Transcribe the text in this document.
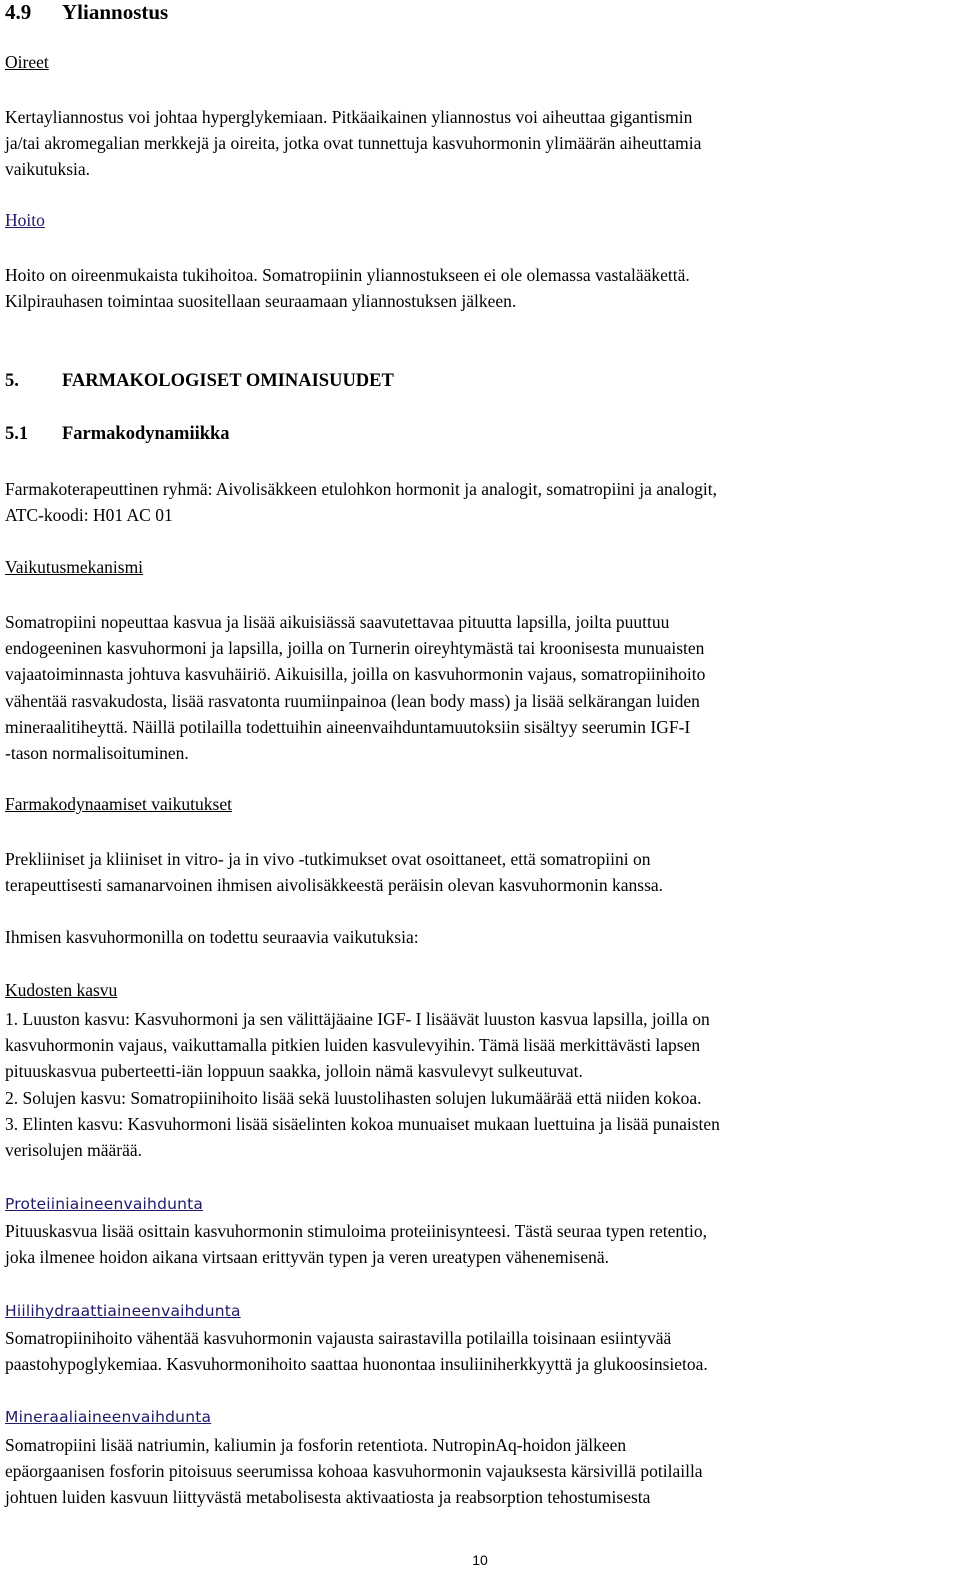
4.9 Yliannostus
Oireet

Kertayliannostus voi johtaa hyperglykemiaan. Pitkäaikainen yliannostus voi aiheuttaa gigantismin

ja/tai akromegalian merkkejä ja oireita, jotka ovat tunnettuja kasvuhormonin ylimäärän aiheuttamia

vaikutuksia.

Hoito

Hoito on oireenmukaista tukihoitoa. Somatropiinin yliannostukseen ei ole olemassa vastalääkettä.

Kilpirauhasen toimintaa suositellaan seuraamaan yliannostuksen jälkeen.

5. FARMAKOLOGISET OMINAISUUDET
5.1 Farmakodynamiikka

Farmakoterapeuttinen ryhmä: Aivolisäkkeen etulohkon hormonit ja analogit, somatropiini ja analogit,

ATC-koodi: H01 AC 01

Vaikutusmekanismi

Somatropiini nopeuttaa kasvua ja lisää aikuisiässä saavutettavaa pituutta lapsilla, joilta puuttuu

endogeeninen kasvuhormoni ja lapsilla, joilla on Turnerin oireyhtymästä tai kroonisesta munuaisten

vajaatoiminnasta johtuva kasvuhäiriö. Aikuisilla, joilla on kasvuhormonin vajaus, somatropiinihoito

vähentää rasvakudosta, lisää rasvatonta ruumiinpainoa (lean body mass) ja lisää selkärangan luiden

mineraalitiheyttä. Näillä potilailla todettuihin aineenvaihduntamuutoksiin sisältyy seerumin IGF-I

-tason normalisoituminen.

Farmakodynaamiset vaikutukset

Prekliiniset ja kliiniset in vitro- ja in vivo -tutkimukset ovat osoittaneet, että somatropiini on

terapeuttisesti samanarvoinen ihmisen aivolisäkkeestä peräisin olevan kasvuhormonin kanssa.

Ihmisen kasvuhormonilla on todettu seuraavia vaikutuksia:
Kudosten kasvu

1. Luuston kasvu: Kasvuhormoni ja sen välittäjäaine IGF- I lisäävät luuston kasvua lapsilla, joilla on

kasvuhormonin vajaus, vaikuttamalla pitkien luiden kasvulevyihin. Tämä lisää merkittävästi lapsen

pituuskasvua puberteetti-iän loppuun saakka, jolloin nämä kasvulevyt sulkeutuvat.

2. Solujen kasvu: Somatropiinihoito lisää sekä luustolihasten solujen lukumäärää että niiden kokoa.

3. Elinten kasvu: Kasvuhormoni lisää sisäelinten kokoa munuaiset mukaan luettuina ja lisää punaisten

verisolujen määrää.

Proteiiniaineenvaihdunta

Pituuskasvua lisää osittain kasvuhormonin stimuloima proteiinisynteesi. Tästä seuraa typen retentio,

joka ilmenee hoidon aikana virtsaan erittyvän typen ja veren ureatypen vähenemisenä.

Hiilihydraattiaineenvaihdunta

Somatropiinihoito vähentää kasvuhormonin vajausta sairastavilla potilailla toisinaan esiintyvää

paastohypoglykemiaa. Kasvuhormonihoito saattaa huonontaa insuliiniherkkyyttä ja glukoosinsietoa.

Mineraaliaineenvaihdunta

Somatropiini lisää natriumin, kaliumin ja fosforin retentiota. NutropinAq-hoidon jälkeen

epäorgaanisen fosforin pitoisuus seerumissa kohoaa kasvuhormonin vajauksesta kärsivillä potilailla

johtuen luiden kasvuun liittyvästä metabolisesta aktivaatiosta ja reabsorption tehostumisesta

10
